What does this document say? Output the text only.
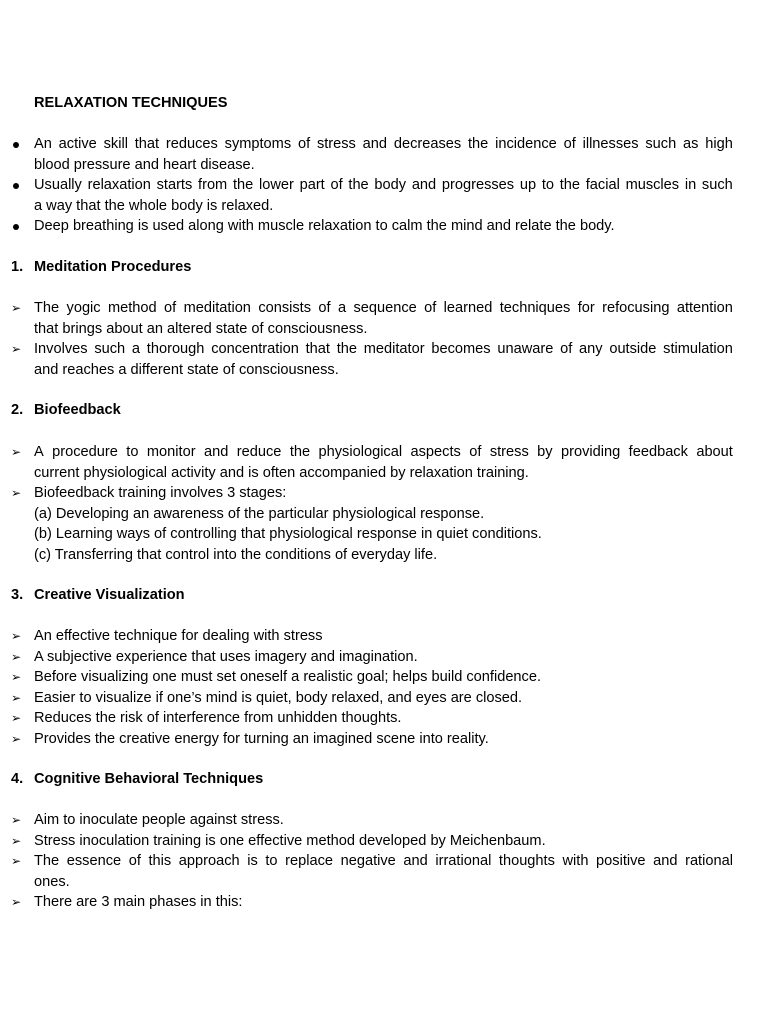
RELAXATION TECHNIQUES
An active skill that reduces symptoms of stress and decreases the incidence of illnesses such as high
blood pressure and heart disease.
Usually relaxation starts from the lower part of the body and progresses up to the facial muscles in such
a way that the whole body is relaxed.
Deep breathing is used along with muscle relaxation to calm the mind and relate the body.
1. Meditation Procedures
➢ The yogic method of meditation consists of a sequence of learned techniques for refocusing attention
that brings about an altered state of consciousness.
➢ Involves such a thorough concentration that the meditator becomes unaware of any outside stimulation
and reaches a different state of consciousness.
2. Biofeedback
➢ A procedure to monitor and reduce the physiological aspects of stress by providing feedback about
current physiological activity and is often accompanied by relaxation training.
➢ Biofeedback training involves 3 stages:
(a) Developing an awareness of the particular physiological response.
(b) Learning ways of controlling that physiological response in quiet conditions.
(c) Transferring that control into the conditions of everyday life.
3. Creative Visualization
➢ An effective technique for dealing with stress
➢ A subjective experience that uses imagery and imagination.
➢ Before visualizing one must set oneself a realistic goal; helps build confidence.
➢ Easier to visualize if one’s mind is quiet, body relaxed, and eyes are closed.
➢ Reduces the risk of interference from unhidden thoughts.
➢ Provides the creative energy for turning an imagined scene into reality.
4. Cognitive Behavioral Techniques
➢ Aim to inoculate people against stress.
➢ Stress inoculation training is one effective method developed by Meichenbaum.
➢ The essence of this approach is to replace negative and irrational thoughts with positive and rational
ones.
➢ There are 3 main phases in this:
